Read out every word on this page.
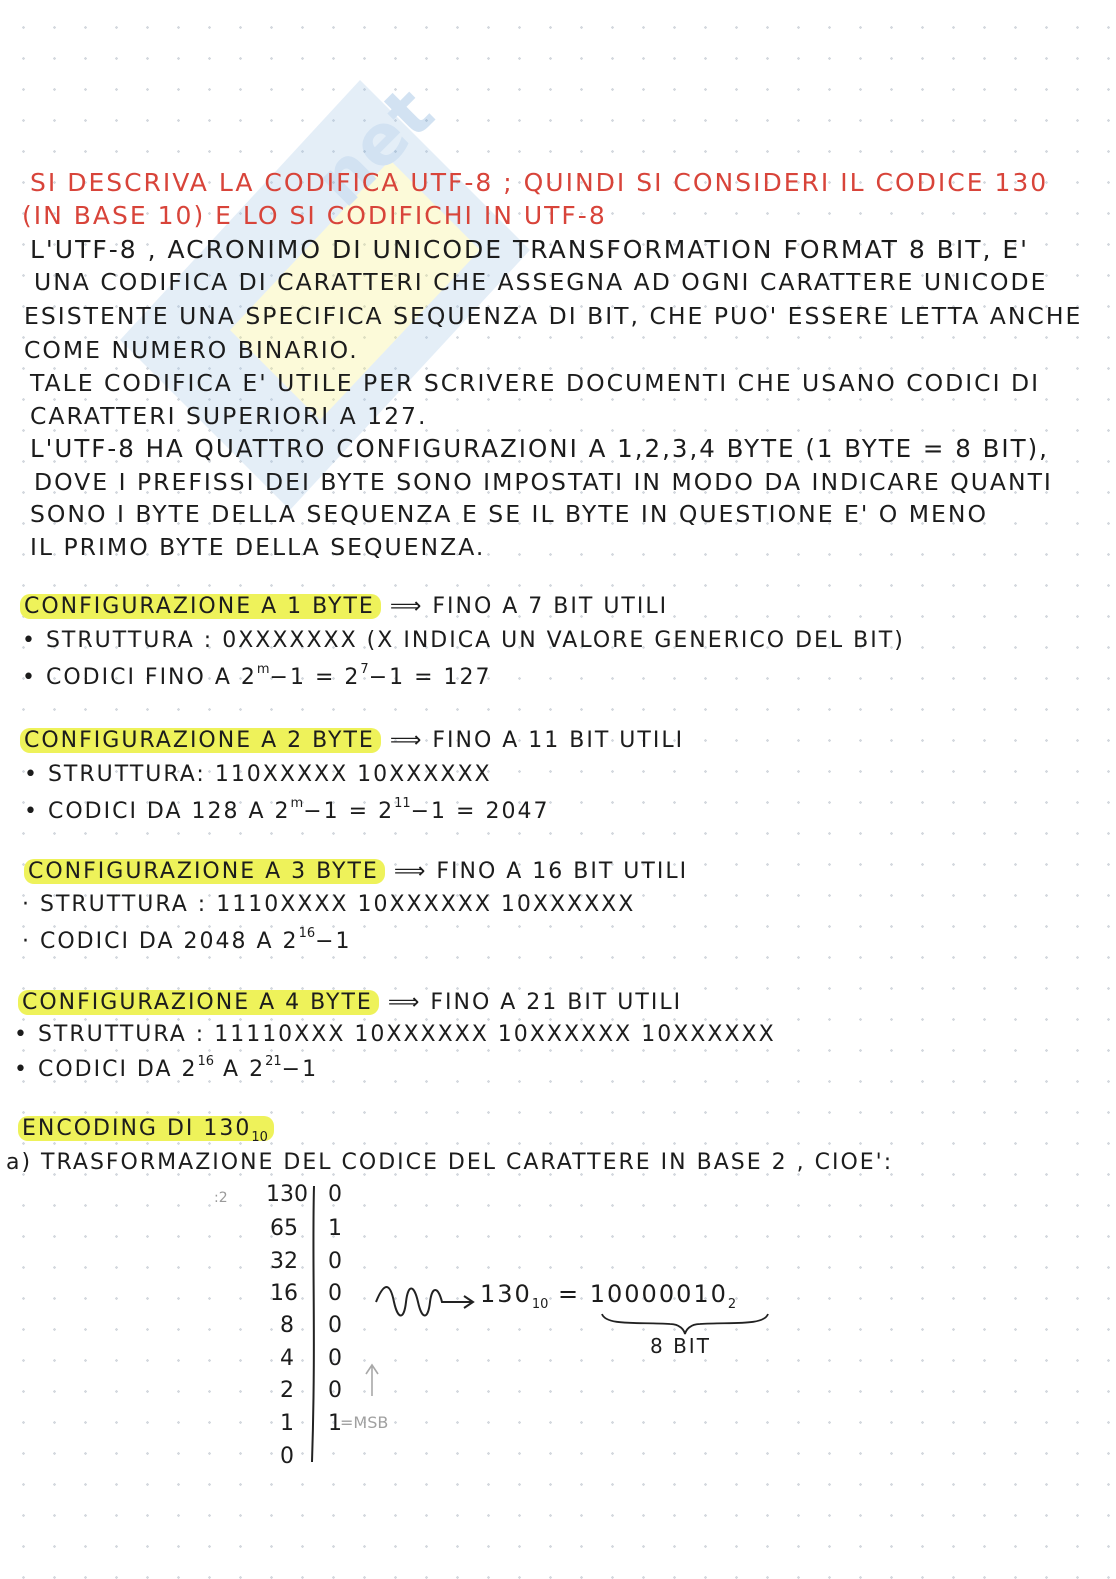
net
SI DESCRIVA LA CODIFICA UTF-8 ; QUINDI SI CONSIDERI IL CODICE 130
(IN BASE 10) E LO SI CODIFICHI IN UTF-8
L'UTF-8 , ACRONIMO DI UNICODE TRANSFORMATION FORMAT 8 BIT, E'
UNA CODIFICA DI CARATTERI CHE ASSEGNA AD OGNI CARATTERE UNICODE
ESISTENTE UNA SPECIFICA SEQUENZA DI BIT, CHE PUO' ESSERE LETTA ANCHE
COME NUMERO BINARIO.
TALE CODIFICA E' UTILE PER SCRIVERE DOCUMENTI CHE USANO CODICI DI
CARATTERI SUPERIORI A 127.
L'UTF-8 HA QUATTRO CONFIGURAZIONI A 1,2,3,4 BYTE (1 BYTE = 8 BIT),
DOVE I PREFISSI DEI BYTE SONO IMPOSTATI IN MODO DA INDICARE QUANTI
SONO I BYTE DELLA SEQUENZA E SE IL BYTE IN QUESTIONE E' O MENO
IL PRIMO BYTE DELLA SEQUENZA.
CONFIGURAZIONE A 1 BYTE ⟹ FINO A 7 BIT UTILI
• STRUTTURA : 0XXXXXXX (X INDICA UN VALORE GENERICO DEL BIT)
• CODICI FINO A $2^m-1 = 2^7-1 = 127$
CONFIGURAZIONE A 2 BYTE ⟹ FINO A 11 BIT UTILI
• STRUTTURA: 110XXXXX 10XXXXXX
• CODICI DA 128 A $2^m-1 = 2^{11}-1 = 2047$
CONFIGURAZIONE A 3 BYTE ⟹ FINO A 16 BIT UTILI
· STRUTTURA : 1110XXXX 10XXXXXX 10XXXXXX
· CODICI DA 2048 A $2^{16}-1$
CONFIGURAZIONE A 4 BYTE ⟹ FINO A 21 BIT UTILI
• STRUTTURA : 11110XXX 10XXXXXX 10XXXXXX 10XXXXXX
• CODICI DA $2^{16}$ A $2^{21}-1$
ENCODING DI $130_{10}$
a) TRASFORMAZIONE DEL CODICE DEL CARATTERE IN BASE 2 , CIOE':
:2	130 0
65 1
32 0
16 0
8 0
4 0
2 0
1 1
0
=MSB
$130_{10} = 10000010_2$
8 BIT
